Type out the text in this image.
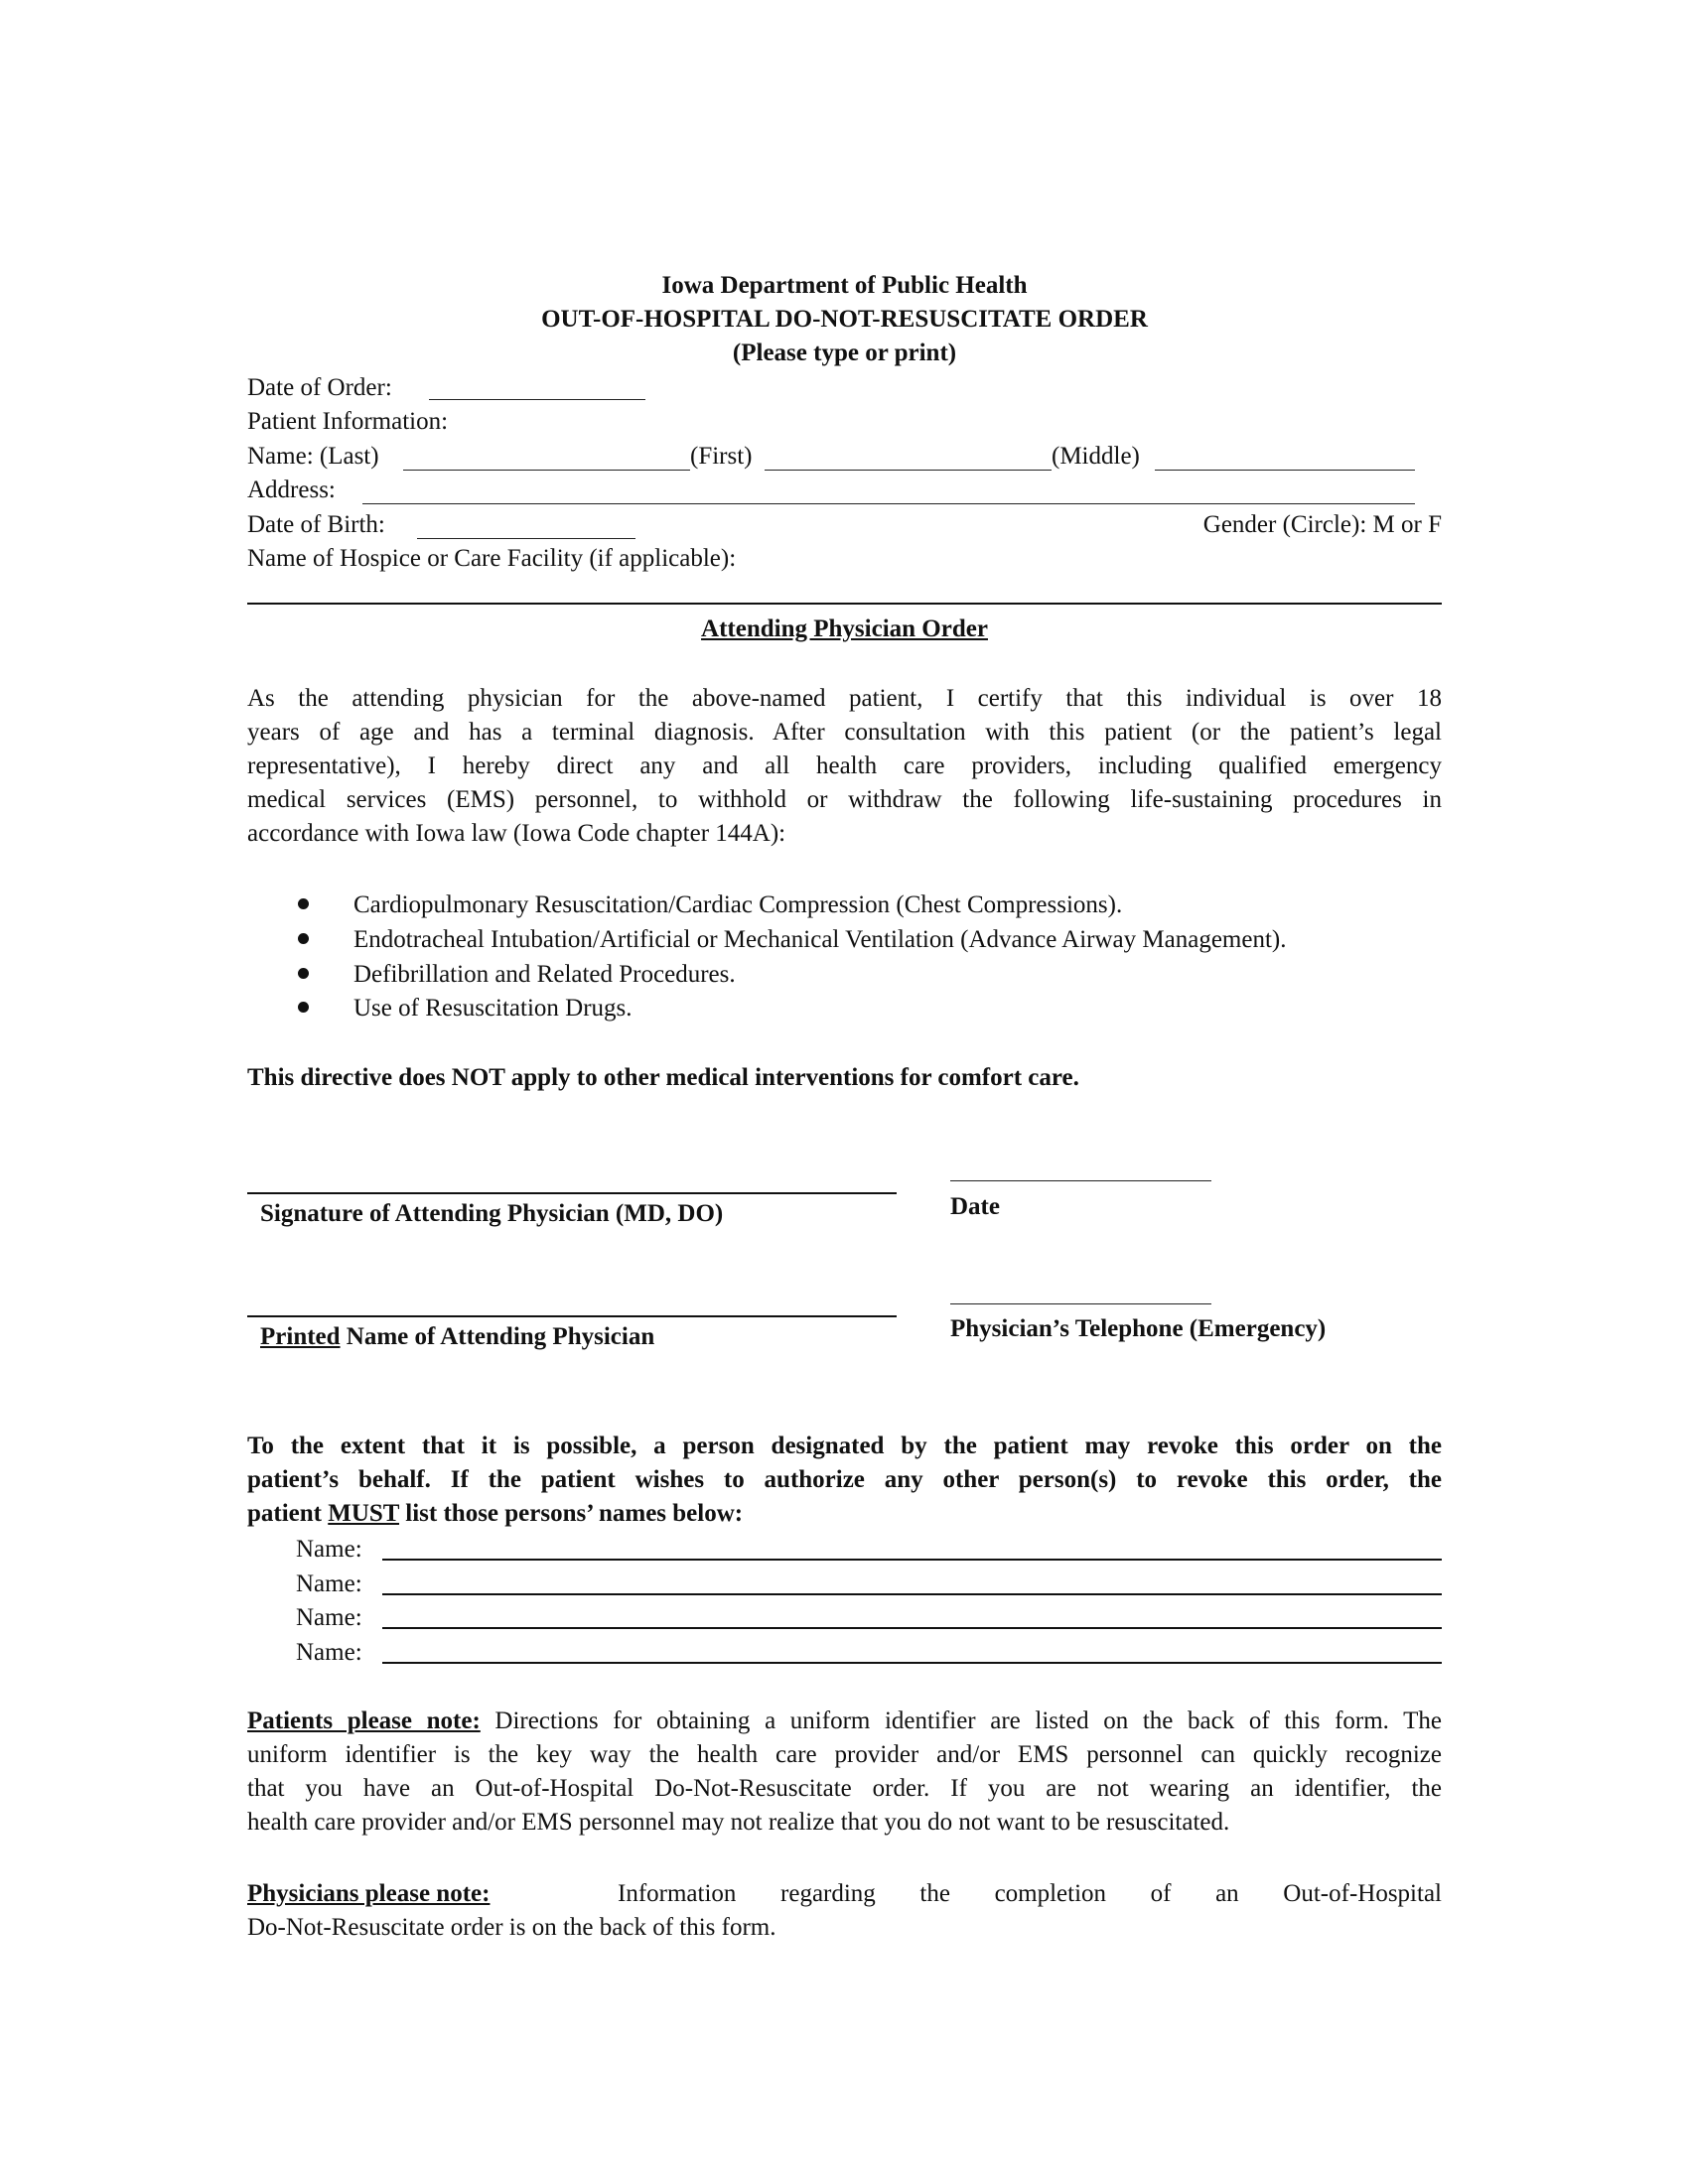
Iowa Department of Public Health
OUT-OF-HOSPITAL DO-NOT-RESUSCITATE ORDER
(Please type or print)
Date of Order:
Patient Information:
Name: (Last)	(First)	(Middle)
Address:
Date of Birth:	Gender (Circle): M or F
Name of Hospice or Care Facility (if applicable):
Attending Physician Order
As the attending physician for the above-named patient, I certify that this individual is over 18
years of age and has a terminal diagnosis. After consultation with this patient (or the patient’s legal
representative), I hereby direct any and all health care providers, including qualified emergency
medical services (EMS) personnel, to withhold or withdraw the following life-sustaining procedures in
accordance with Iowa law (Iowa Code chapter 144A):
Cardiopulmonary Resuscitation/Cardiac Compression (Chest Compressions).
Endotracheal Intubation/Artificial or Mechanical Ventilation (Advance Airway Management).
Defibrillation and Related Procedures.
Use of Resuscitation Drugs.
This directive does NOT apply to other medical interventions for comfort care.
Signature of Attending Physician (MD, DO)	Date
Printed Name of Attending Physician	Physician’s Telephone (Emergency)
To the extent that it is possible, a person designated by the patient may revoke this order on the
patient’s behalf. If the patient wishes to authorize any other person(s) to revoke this order, the
patient MUST list those persons’ names below:
Name:
Name:
Name:
Name:
Patients please note: Directions for obtaining a uniform identifier are listed on the back of this form. The
uniform identifier is the key way the health care provider and/or EMS personnel can quickly recognize
that you have an Out-of-Hospital Do-Not-Resuscitate order. If you are not wearing an identifier, the
health care provider and/or EMS personnel may not realize that you do not want to be resuscitated.
Physicians please note:	Information regarding the completion of an Out-of-Hospital
Do-Not-Resuscitate order is on the back of this form.
